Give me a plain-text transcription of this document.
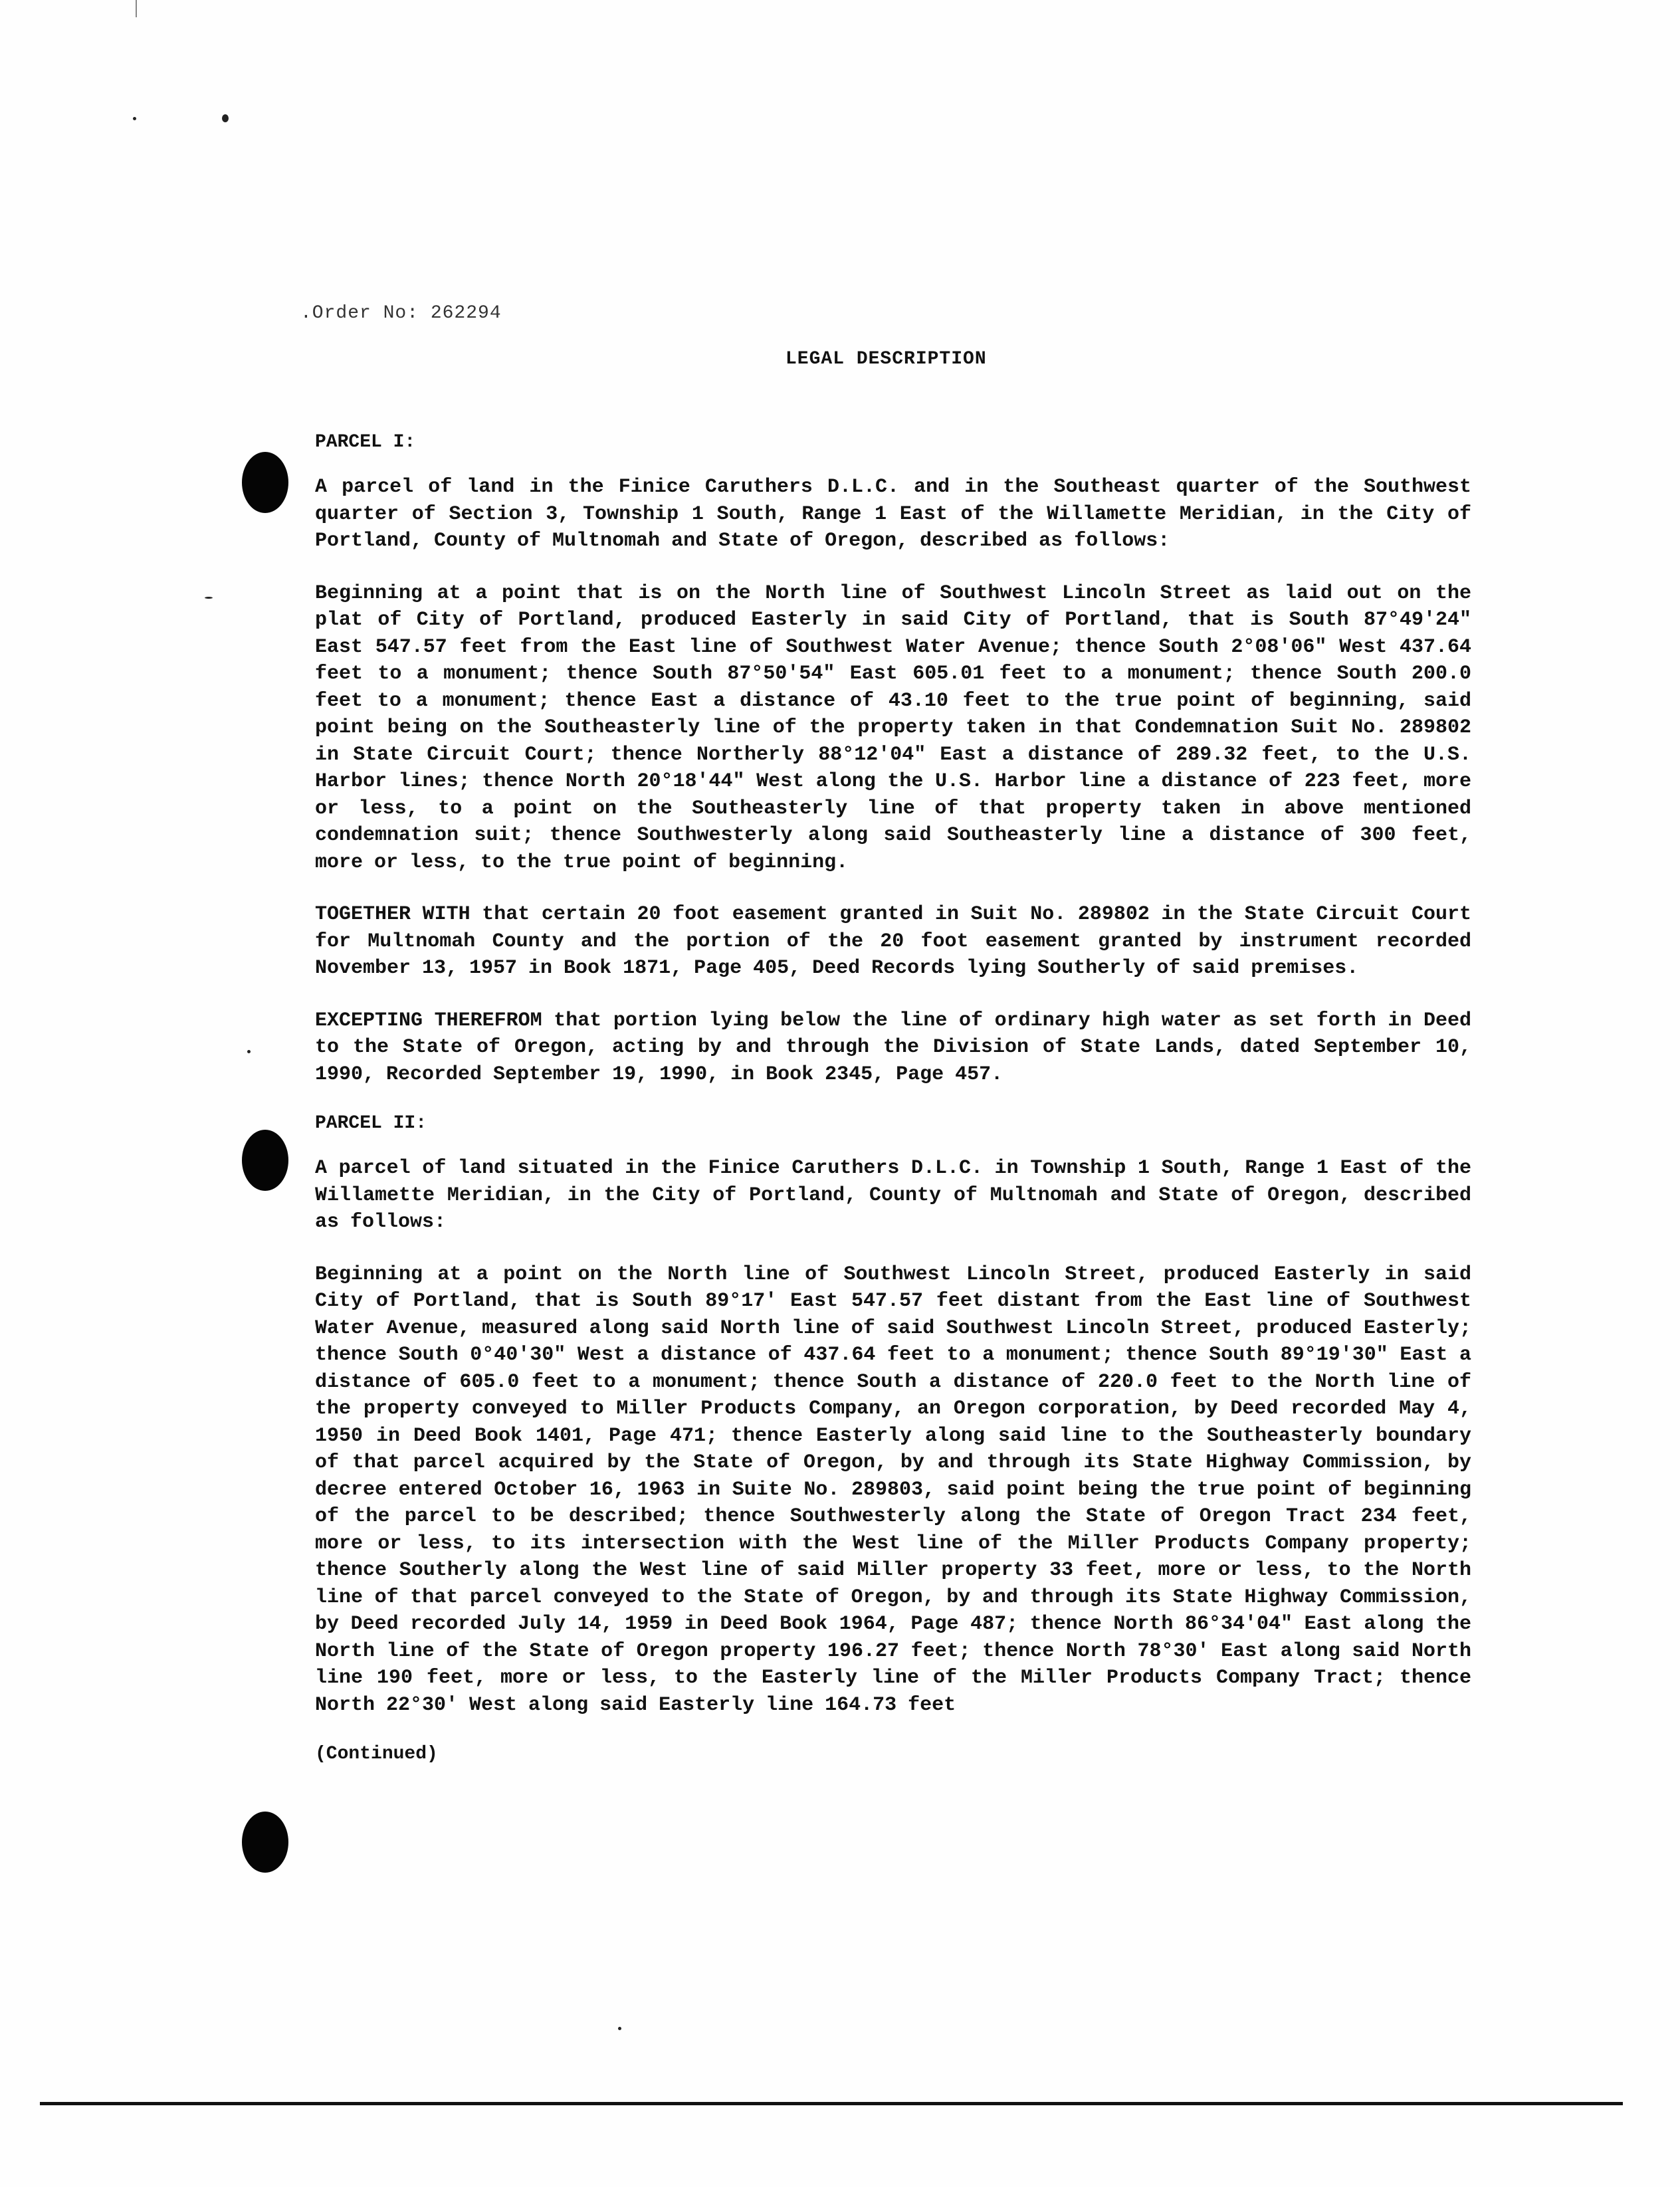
.Order No: 262294
LEGAL DESCRIPTION
PARCEL I:

A parcel of land in the Finice Caruthers D.L.C. and in the Southeast quarter of the Southwest quarter of Section 3, Township 1 South, Range 1 East of the Willamette Meridian, in the City of Portland, County of Multnomah and State of Oregon, described as follows:

Beginning at a point that is on the North line of Southwest Lincoln Street as laid out on the plat of City of Portland, produced Easterly in said City of Portland, that is South 87°49'24" East 547.57 feet from the East line of Southwest Water Avenue; thence South 2°08'06" West 437.64 feet to a monument; thence South 87°50'54" East 605.01 feet to a monument; thence South 200.0 feet to a monument; thence East a distance of 43.10 feet to the true point of beginning, said point being on the Southeasterly line of the property taken in that Condemnation Suit No. 289802 in State Circuit Court; thence Northerly 88°12'04" East a distance of 289.32 feet, to the U.S. Harbor lines; thence North 20°18'44" West along the U.S. Harbor line a distance of 223 feet, more or less, to a point on the Southeasterly line of that property taken in above mentioned condemnation suit; thence Southwesterly along said Southeasterly line a distance of 300 feet, more or less, to the true point of beginning.

TOGETHER WITH that certain 20 foot easement granted in Suit No. 289802 in the State Circuit Court for Multnomah County and the portion of the 20 foot easement granted by instrument recorded November 13, 1957 in Book 1871, Page 405, Deed Records lying Southerly of said premises.

EXCEPTING THEREFROM that portion lying below the line of ordinary high water as set forth in Deed to the State of Oregon, acting by and through the Division of State Lands, dated September 10, 1990, Recorded September 19, 1990, in Book 2345, Page 457.

PARCEL II:

A parcel of land situated in the Finice Caruthers D.L.C. in Township 1 South, Range 1 East of the Willamette Meridian, in the City of Portland, County of Multnomah and State of Oregon, described as follows:

Beginning at a point on the North line of Southwest Lincoln Street, produced Easterly in said City of Portland, that is South 89°17' East 547.57 feet distant from the East line of Southwest Water Avenue, measured along said North line of said Southwest Lincoln Street, produced Easterly; thence South 0°40'30" West a distance of 437.64 feet to a monument; thence South 89°19'30" East a distance of 605.0 feet to a monument; thence South a distance of 220.0 feet to the North line of the property conveyed to Miller Products Company, an Oregon corporation, by Deed recorded May 4, 1950 in Deed Book 1401, Page 471; thence Easterly along said line to the Southeasterly boundary of that parcel acquired by the State of Oregon, by and through its State Highway Commission, by decree entered October 16, 1963 in Suite No. 289803, said point being the true point of beginning of the parcel to be described; thence Southwesterly along the State of Oregon Tract 234 feet, more or less, to its intersection with the West line of the Miller Products Company property; thence Southerly along the West line of said Miller property 33 feet, more or less, to the North line of that parcel conveyed to the State of Oregon, by and through its State Highway Commission, by Deed recorded July 14, 1959 in Deed Book 1964, Page 487; thence North 86°34'04" East along the North line of the State of Oregon property 196.27 feet; thence North 78°30' East along said North line 190 feet, more or less, to the Easterly line of the Miller Products Company Tract; thence North 22°30' West along said Easterly line 164.73 feet

(Continued)
